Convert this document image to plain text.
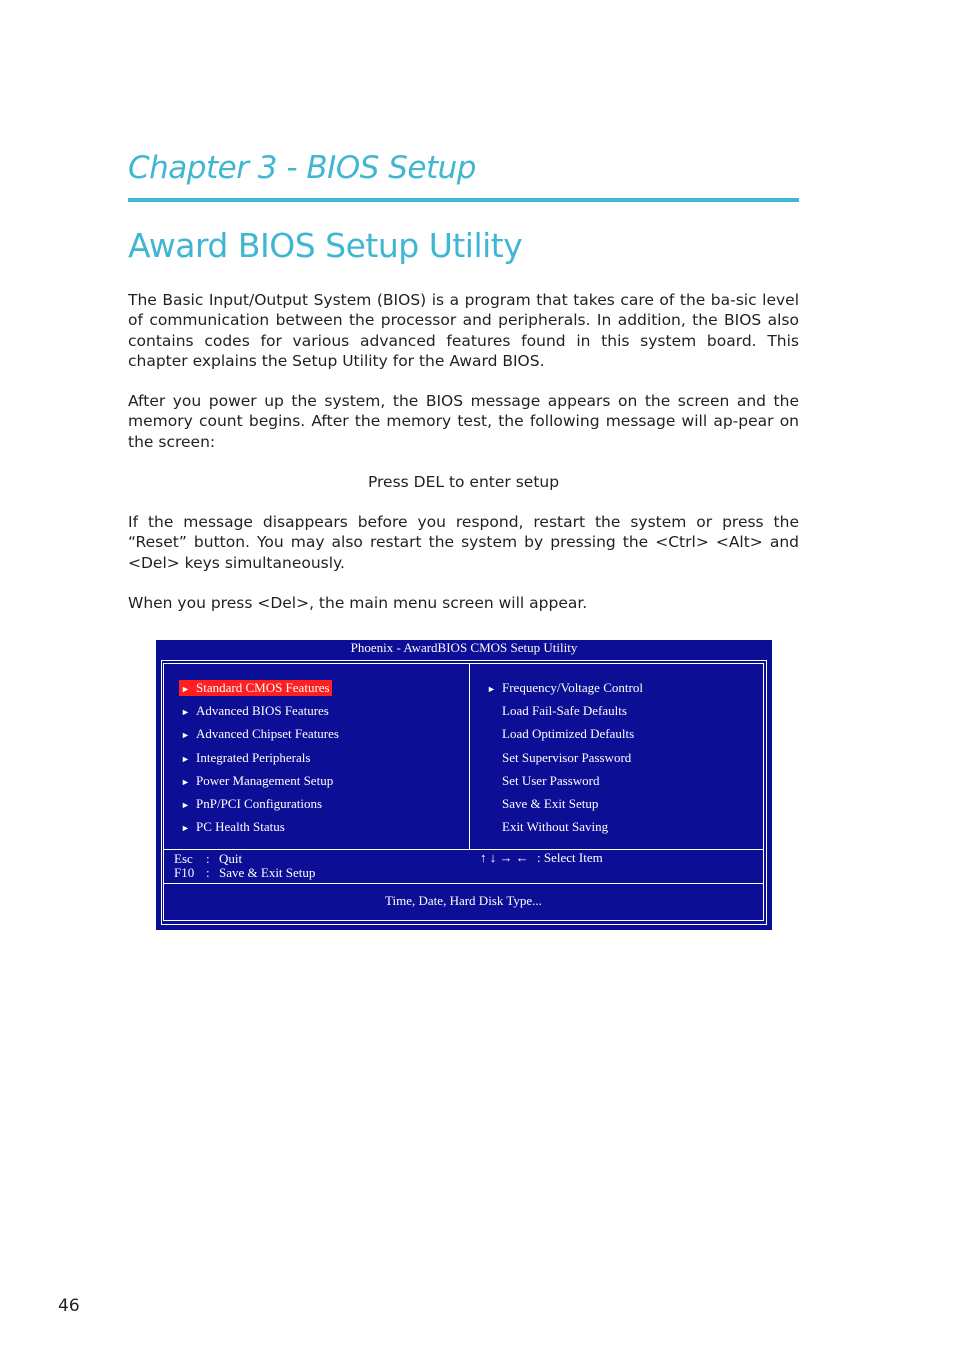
Chapter 3 - BIOS Setup
Award BIOS Setup Utility

The Basic Input/Output System (BIOS) is a program that takes care of the ba-sic level of communication between the processor and peripherals. In addition, the BIOS also contains codes for various advanced features found in this system board. This chapter explains the Setup Utility for the Award BIOS.

After you power up the system, the BIOS message appears on the screen and the memory count begins. After the memory test, the following message will ap-pear on the screen:

Press DEL to enter setup

If the message disappears before you respond, restart the system or press the “Reset” button. You may also restart the system by pressing the <Ctrl> <Alt> and <Del> keys simultaneously.

When you press <Del>, the main menu screen will appear.

Phoenix - AwardBIOS CMOS Setup Utility
► Standard CMOS Features
► Advanced BIOS Features
► Advanced Chipset Features
► Integrated Peripherals
► Power Management Setup
► PnP/PCI Configurations
► PC Health Status
► Frequency/Voltage Control
Load Fail-Safe Defaults
Load Optimized Defaults
Set Supervisor Password
Set User Password
Save & Exit Setup
Exit Without Saving
Esc : Quit
F10 : Save & Exit Setup
↑ ↓ → ← : Select Item
Time, Date, Hard Disk Type...
46
